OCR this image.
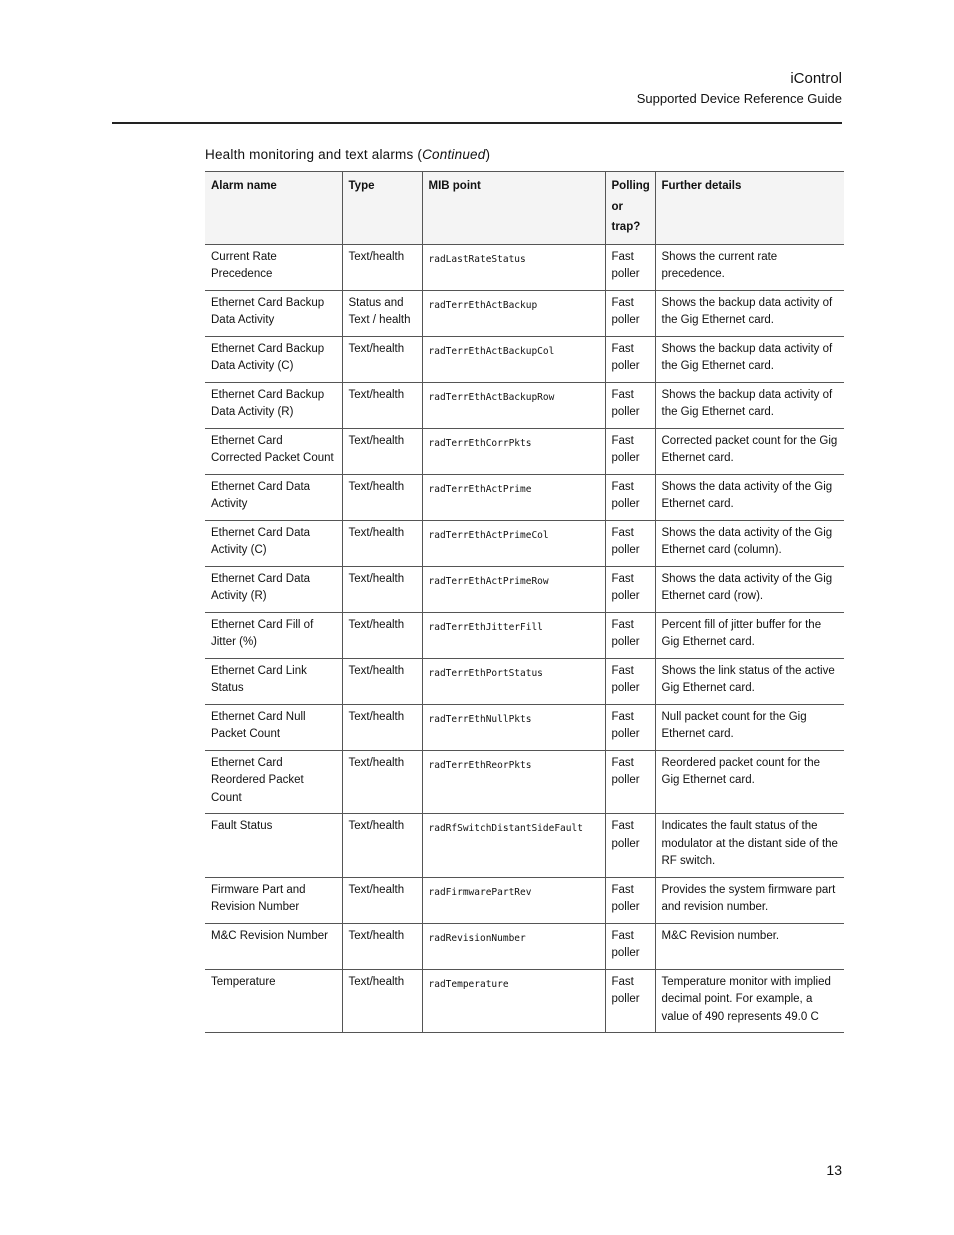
iControl
Supported Device Reference Guide
Health monitoring and text alarms (Continued)
Alarm name	Type	MIB point	Polling or trap?	Further details
Current Rate Precedence	Text/health	radLastRateStatus	Fast poller	Shows the current rate precedence.
Ethernet Card Backup Data Activity	Status and Text / health	radTerrEthActBackup	Fast poller	Shows the backup data activity of the Gig Ethernet card.
Ethernet Card Backup Data Activity (C)	Text/health	radTerrEthActBackupCol	Fast poller	Shows the backup data activity of the Gig Ethernet card.
Ethernet Card Backup Data Activity (R)	Text/health	radTerrEthActBackupRow	Fast poller	Shows the backup data activity of the Gig Ethernet card.
Ethernet Card Corrected Packet Count	Text/health	radTerrEthCorrPkts	Fast poller	Corrected packet count for the Gig Ethernet card.
Ethernet Card Data Activity	Text/health	radTerrEthActPrime	Fast poller	Shows the data activity of the Gig Ethernet card.
Ethernet Card Data Activity (C)	Text/health	radTerrEthActPrimeCol	Fast poller	Shows the data activity of the Gig Ethernet card (column).
Ethernet Card Data Activity (R)	Text/health	radTerrEthActPrimeRow	Fast poller	Shows the data activity of the Gig Ethernet card (row).
Ethernet Card Fill of Jitter (%)	Text/health	radTerrEthJitterFill	Fast poller	Percent fill of jitter buffer for the Gig Ethernet card.
Ethernet Card Link Status	Text/health	radTerrEthPortStatus	Fast poller	Shows the link status of the active Gig Ethernet card.
Ethernet Card Null Packet Count	Text/health	radTerrEthNullPkts	Fast poller	Null packet count for the Gig Ethernet card.
Ethernet Card Reordered Packet Count	Text/health	radTerrEthReorPkts	Fast poller	Reordered packet count for the Gig Ethernet card.
Fault Status	Text/health	radRfSwitchDistantSideFault	Fast poller	Indicates the fault status of the modulator at the distant side of the RF switch.
Firmware Part and Revision Number	Text/health	radFirmwarePartRev	Fast poller	Provides the system firmware part and revision number.
M&C Revision Number	Text/health	radRevisionNumber	Fast poller	M&C Revision number.
Temperature	Text/health	radTemperature	Fast poller	Temperature monitor with implied decimal point. For example, a value of 490 represents 49.0 C
13
